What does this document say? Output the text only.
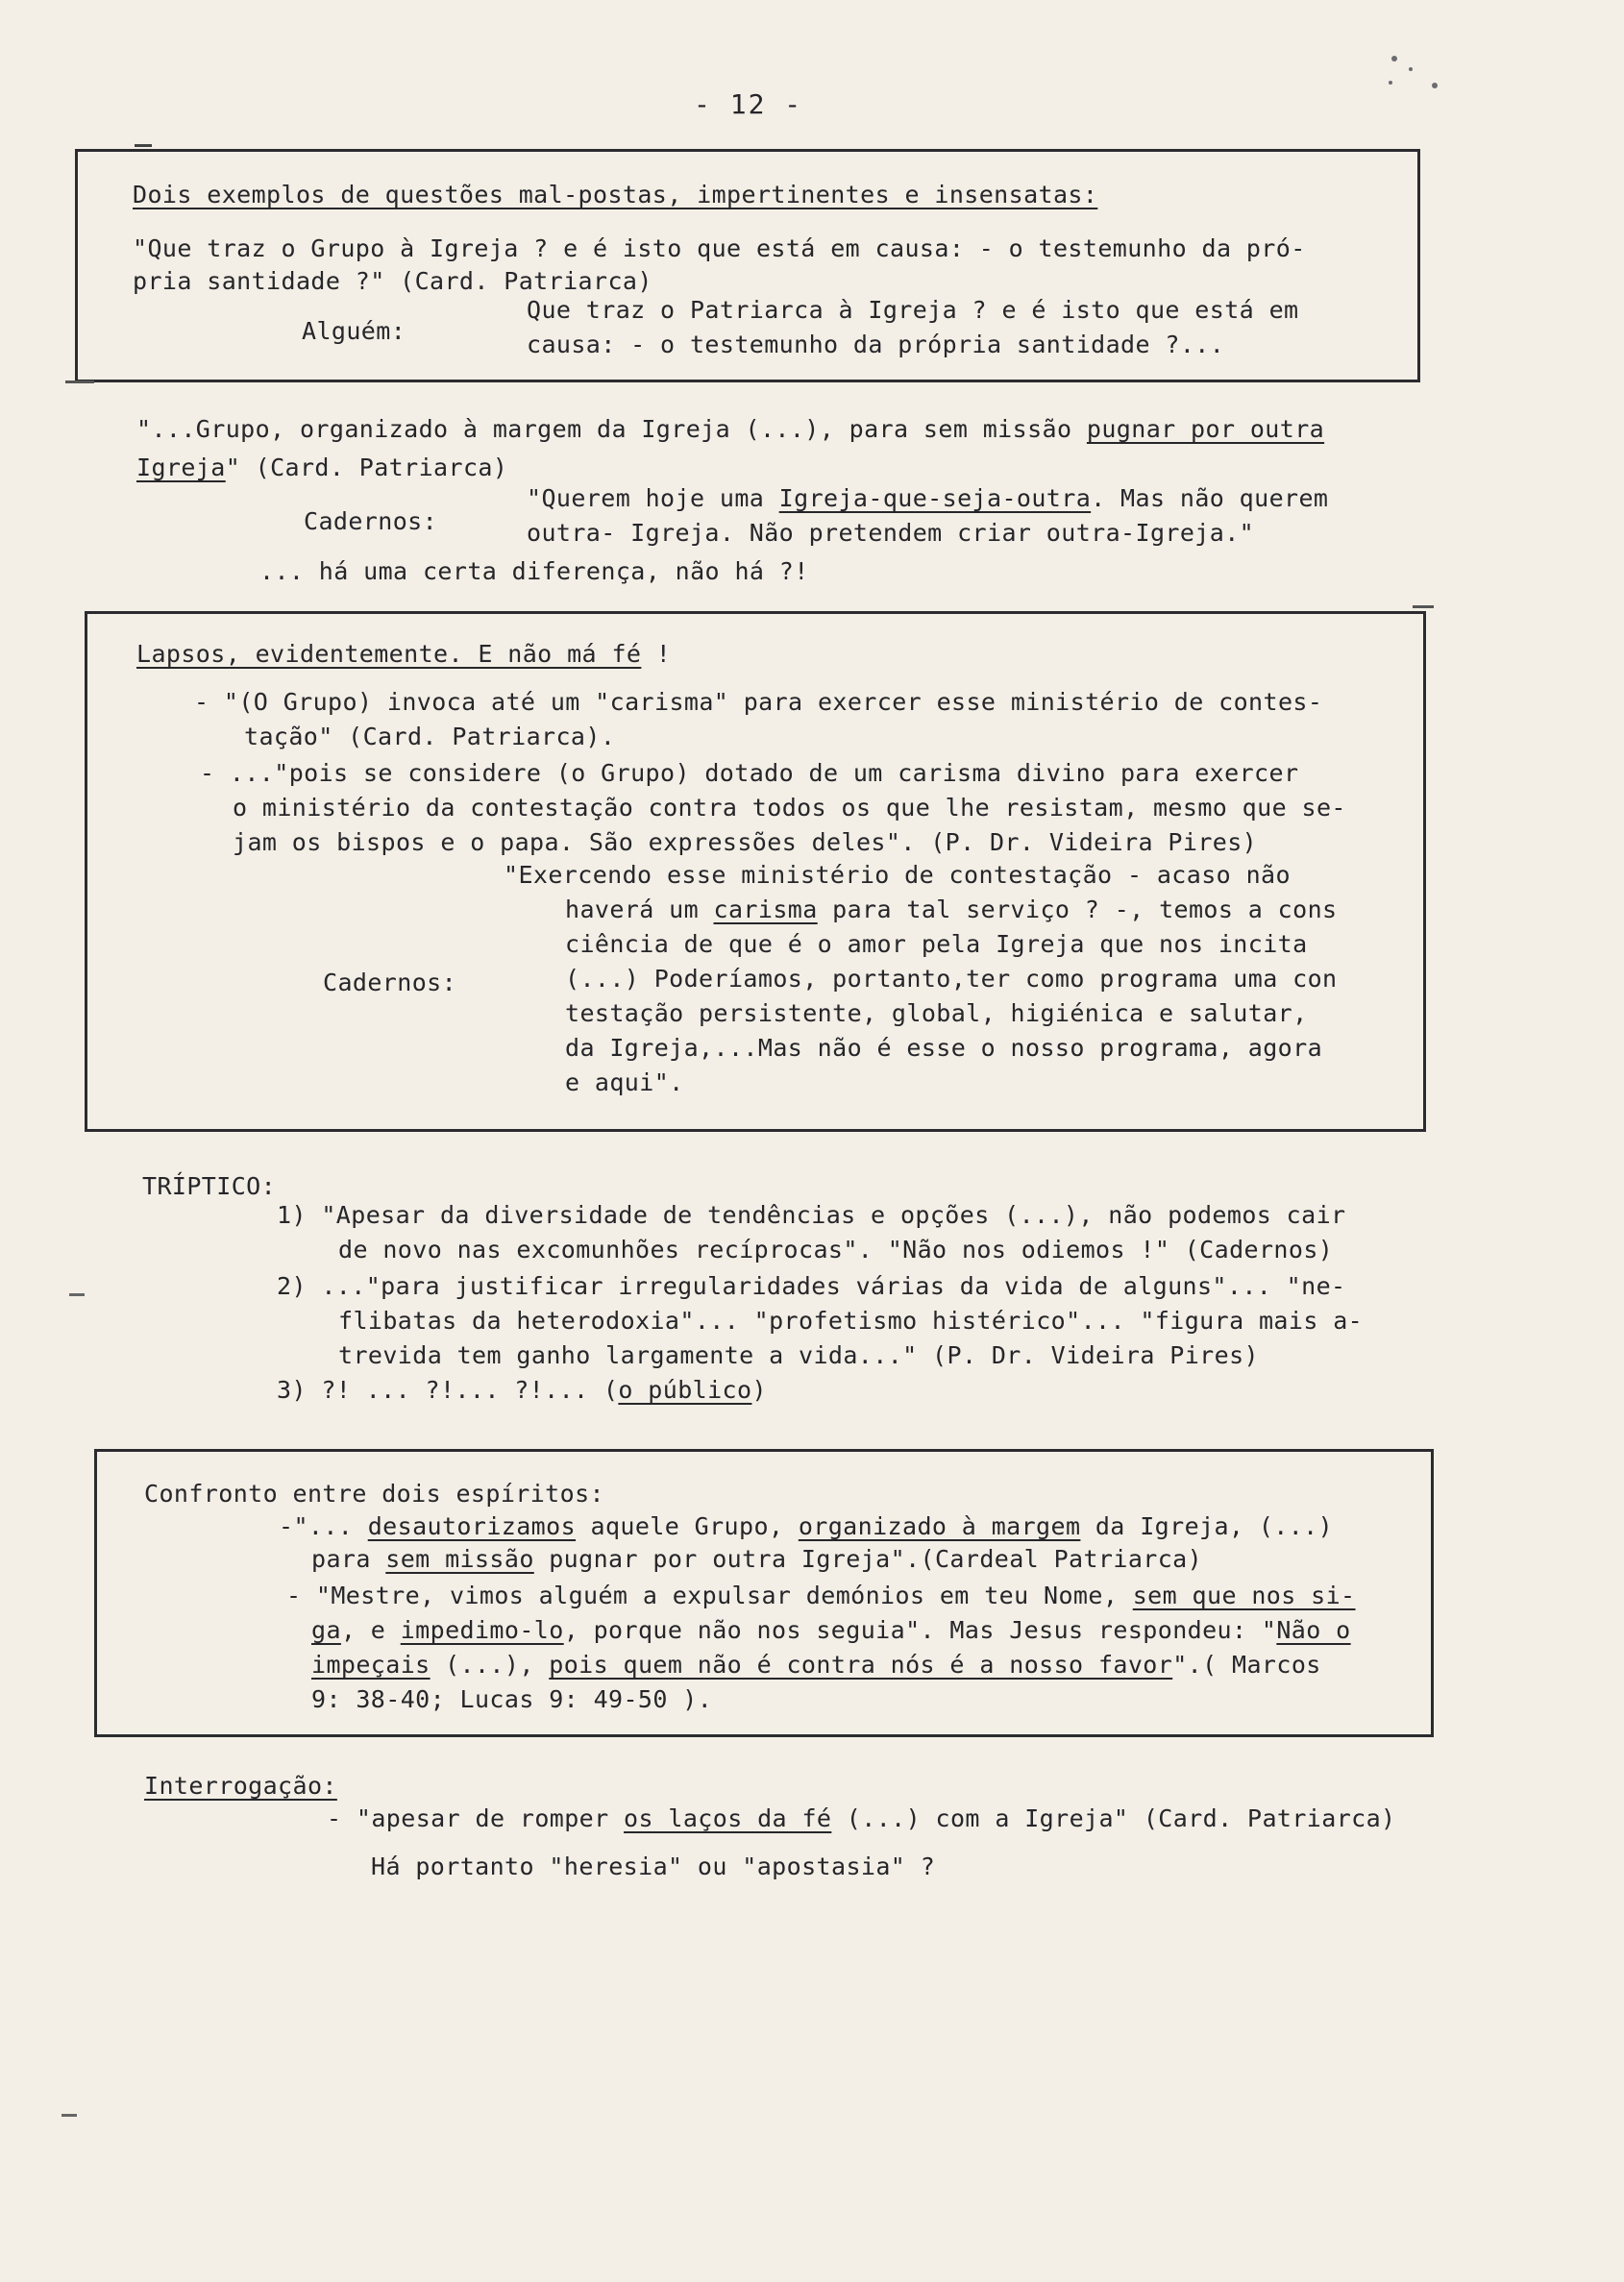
- 12 -
Dois exemplos de questões mal-postas, impertinentes e insensatas:
"Que traz o Grupo à Igreja ? e é isto que está em causa: - o testemunho da pró-
pria santidade ?" (Card. Patriarca)
Alguém:
Que traz o Patriarca à Igreja ? e é isto que está em
causa: - o testemunho da própria santidade ?...
"...Grupo, organizado à margem da Igreja (...), para sem missão pugnar por outra
Igreja" (Card. Patriarca)
Cadernos:
"Querem hoje uma Igreja-que-seja-outra. Mas não querem
outra- Igreja. Não pretendem criar outra-Igreja."
... há uma certa diferença, não há ?!
Lapsos, evidentemente. E não má fé !
- "(O Grupo) invoca até um "carisma" para exercer esse ministério de contes-
tação" (Card. Patriarca).
- ..."pois se considere (o Grupo) dotado de um carisma divino para exercer
o ministério da contestação contra todos os que lhe resistam, mesmo que se-
jam os bispos e o papa. São expressões deles". (P. Dr. Videira Pires)
Cadernos:
"Exercendo esse ministério de contestação - acaso não
haverá um carisma para tal serviço ? -, temos a cons
ciência de que é o amor pela Igreja que nos incita
(...) Poderíamos, portanto,ter como programa uma con
testação persistente, global, higiénica e salutar,
da Igreja,...Mas não é esse o nosso programa, agora
e aqui".
TRÍPTICO:
1) "Apesar da diversidade de tendências e opções (...), não podemos cair
de novo nas excomunhões recíprocas". "Não nos odiemos !" (Cadernos)
2) ..."para justificar irregularidades várias da vida de alguns"... "ne-
flibatas da heterodoxia"... "profetismo histérico"... "figura mais a-
trevida tem ganho largamente a vida..." (P. Dr. Videira Pires)
3) ?! ... ?!... ?!... (o público)
Confronto entre dois espíritos:
-"... desautorizamos aquele Grupo, organizado à margem da Igreja, (...)
para sem missão pugnar por outra Igreja".(Cardeal Patriarca)
- "Mestre, vimos alguém a expulsar demónios em teu Nome, sem que nos si-
ga, e impedimo-lo, porque não nos seguia". Mas Jesus respondeu: "Não o
impeçais (...), pois quem não é contra nós é a nosso favor".( Marcos
9: 38-40; Lucas 9: 49-50 ).
Interrogação:
- "apesar de romper os laços da fé (...) com a Igreja" (Card. Patriarca)
Há portanto "heresia" ou "apostasia" ?
